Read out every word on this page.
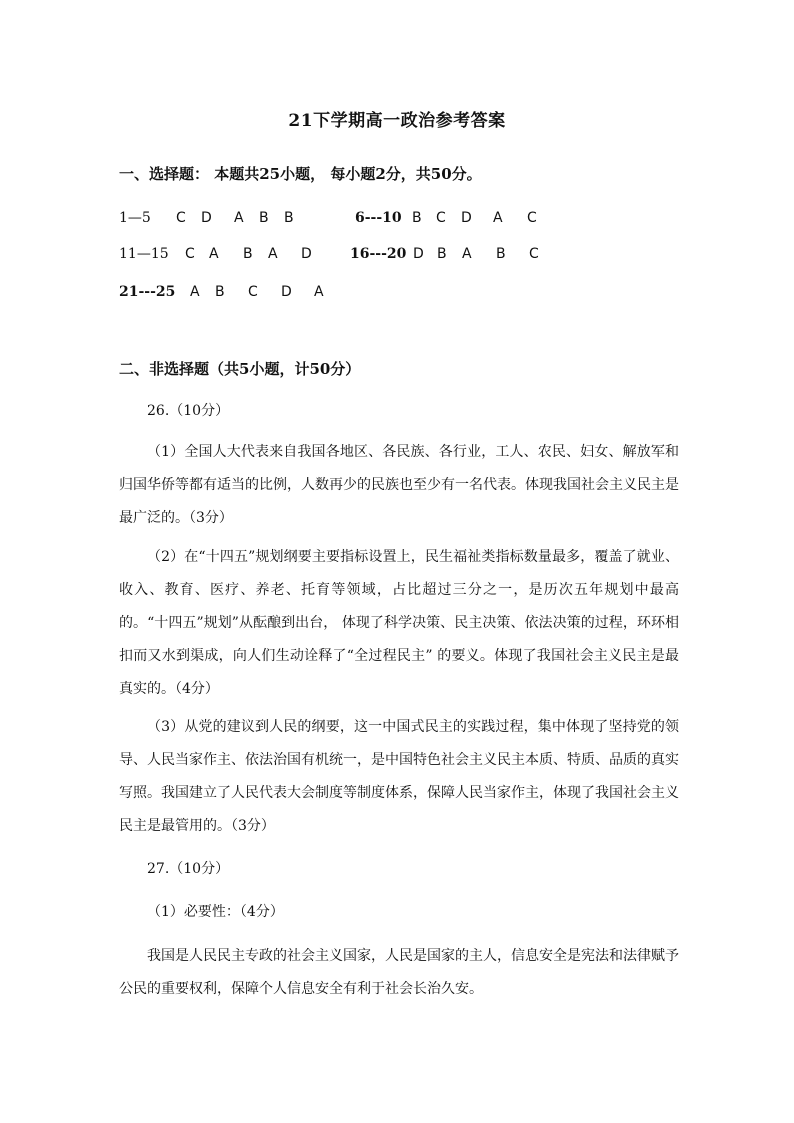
21下学期高一政治参考答案
一、选择题： 本题共25小题， 每小题2分，共50分。
1—5 C D A B B	6---10 B C D A C
11—15 C A B A D	16---20 D B A B C
21---25 A B C D A
二、非选择题（共5小题，计50分）
26.（10分）
（1）全国人大代表来自我国各地区、各民族、各行业，工人、农民、妇女、解放军和归国华侨等都有适当的比例，人数再少的民族也至少有一名代表。体现我国社会主义民主是最广泛的。（3分）
（2）在“十四五”规划纲要主要指标设置上，民生福祉类指标数量最多，覆盖了就业、收入、教育、医疗、养老、托育等领域，占比超过三分之一，是历次五年规划中最高的。“十四五”规划”从酝酿到出台， 体现了科学决策、民主决策、依法决策的过程，环环相扣而又水到渠成，向人们生动诠释了“全过程民主” 的要义。体现了我国社会主义民主是最真实的。（4分）
（3）从党的建议到人民的纲要，这一中国式民主的实践过程，集中体现了坚持党的领导、人民当家作主、依法治国有机统一，是中国特色社会主义民主本质、特质、品质的真实写照。我国建立了人民代表大会制度等制度体系，保障人民当家作主，体现了我国社会主义民主是最管用的。（3分）
27.（10分）
（1）必要性：（4分）
我国是人民民主专政的社会主义国家，人民是国家的主人，信息安全是宪法和法律赋予公民的重要权利，保障个人信息安全有利于社会长治久安。
